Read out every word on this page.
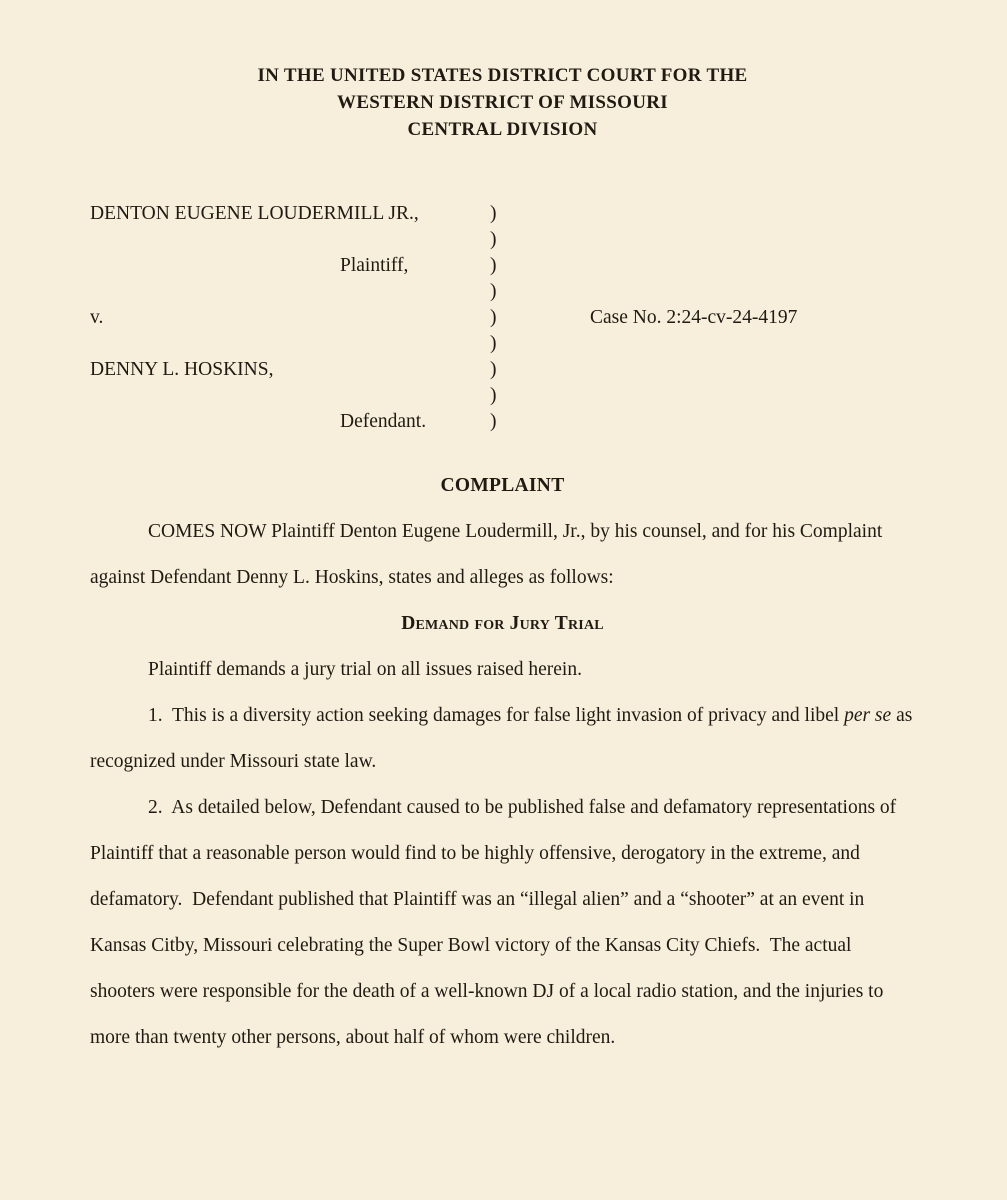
IN THE UNITED STATES DISTRICT COURT FOR THE
WESTERN DISTRICT OF MISSOURI
CENTRAL DIVISION
DENTON EUGENE LOUDERMILL JR.,	)
)
Plaintiff,	)
)
v.	)	Case No. 2:24-cv-24-4197
)
DENNY L. HOSKINS,	)
)
Defendant.	)
COMPLAINT

COMES NOW Plaintiff Denton Eugene Loudermill, Jr., by his counsel, and for his Complaint against Defendant Denny L. Hoskins, states and alleges as follows:

Demand for Jury Trial

Plaintiff demands a jury trial on all issues raised herein.

1.  This is a diversity action seeking damages for false light invasion of privacy and libel per se as recognized under Missouri state law.

2.  As detailed below, Defendant caused to be published false and defamatory representations of Plaintiff that a reasonable person would find to be highly offensive, derogatory in the extreme, and defamatory.  Defendant published that Plaintiff was an “illegal alien” and a “shooter” at an event in Kansas Citby, Missouri celebrating the Super Bowl victory of the Kansas City Chiefs.  The actual shooters were responsible for the death of a well-known DJ of a local radio station, and the injuries to more than twenty other persons, about half of whom were children.
